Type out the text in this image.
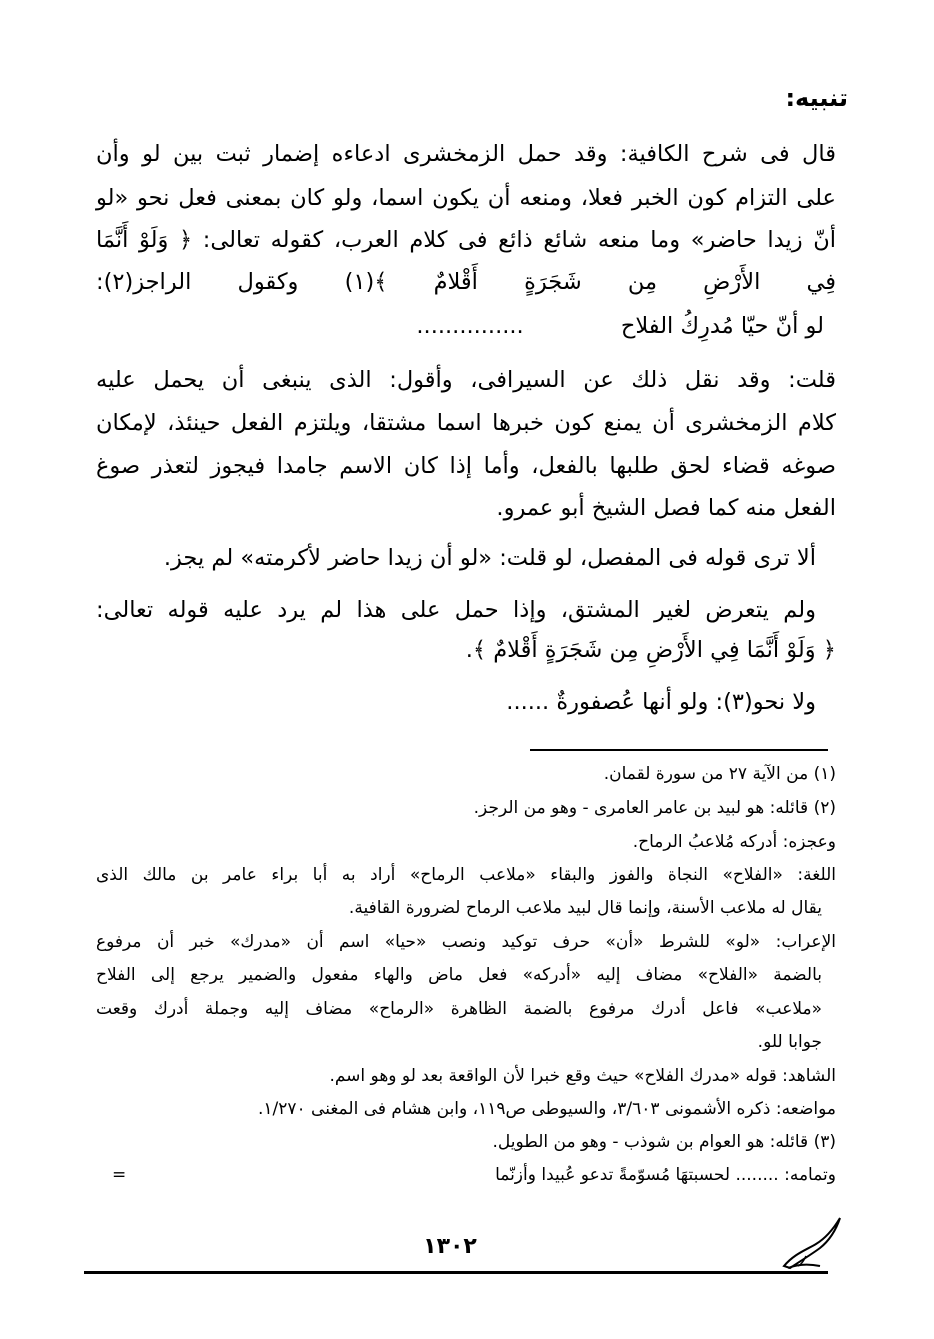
تنبيه:
قال فى شرح الكافية: وقد حمل الزمخشرى ادعاءه إضمار ثبت بين لو وأن
على التزام كون الخبر فعلا، ومنعه أن يكون اسما، ولو كان بمعنى فعل نحو «لو
أنّ زيدا حاضر» وما منعه شائع ذائع فى كلام العرب، كقوله تعالى: ﴿ وَلَوْ أَنَّمَا
فِي الأَرْضِ مِن شَجَرَةٍ أَقْلامٌ ﴾(١) وكقول الراجز(٢):
لو أنّ حيّا مُدرِكُ الفلاح ...............
قلت: وقد نقل ذلك عن السيرافى، وأقول: الذى ينبغى أن يحمل عليه
كلام الزمخشرى أن يمنع كون خبرها اسما مشتقا، ويلتزم الفعل حينئذ، لإمكان
صوغه قضاء لحق طلبها بالفعل، وأما إذا كان الاسم جامدا فيجوز لتعذر صوغ
الفعل منه كما فصل الشيخ أبو عمرو.
ألا ترى قوله فى المفصل، لو قلت: «لو أن زيدا حاضر لأكرمته» لم يجز.
ولم يتعرض لغير المشتق، وإذا حمل على هذا لم يرد عليه قوله تعالى:
﴿ وَلَوْ أَنَّمَا فِي الأَرْضِ مِن شَجَرَةٍ أَقْلامٌ ﴾.
ولا نحو(٣): ولو أنها عُصفورةٌ ......
(١) من الآية ٢٧ من سورة لقمان.
(٢) قائله: هو لبيد بن عامر العامرى - وهو من الرجز.
وعجزه: أدركه مُلاعبُ الرماح.
اللغة: «الفلاح» النجاة والفوز والبقاء «ملاعب الرماح» أراد به أبا براء عامر بن مالك الذى
يقال له ملاعب الأسنة، وإنما قال لبيد ملاعب الرماح لضرورة القافية.
الإعراب: «لو» للشرط «أن» حرف توكيد ونصب «حيا» اسم أن «مدرك» خبر أن مرفوع
بالضمة «الفلاح» مضاف إليه «أدركه» فعل ماض والهاء مفعول والضمير يرجع إلى الفلاح
«ملاعب» فاعل أدرك مرفوع بالضمة الظاهرة «الرماح» مضاف إليه وجملة أدرك وقعت
جوابا للو.
الشاهد: قوله «مدرك الفلاح» حيث وقع خبرا لأن الواقعة بعد لو وهو اسم.
مواضعه: ذكره الأشمونى ٣/٦٠٣، والسيوطى ص١١٩، وابن هشام فى المغنى ١/٢٧٠.
(٣) قائله: هو العوام بن شوذب - وهو من الطويل.
وتمامه: ........ لحسبتهَا مُسوّمةً تدعو عُبيدا وأزنّما
=
١٣٠٢
